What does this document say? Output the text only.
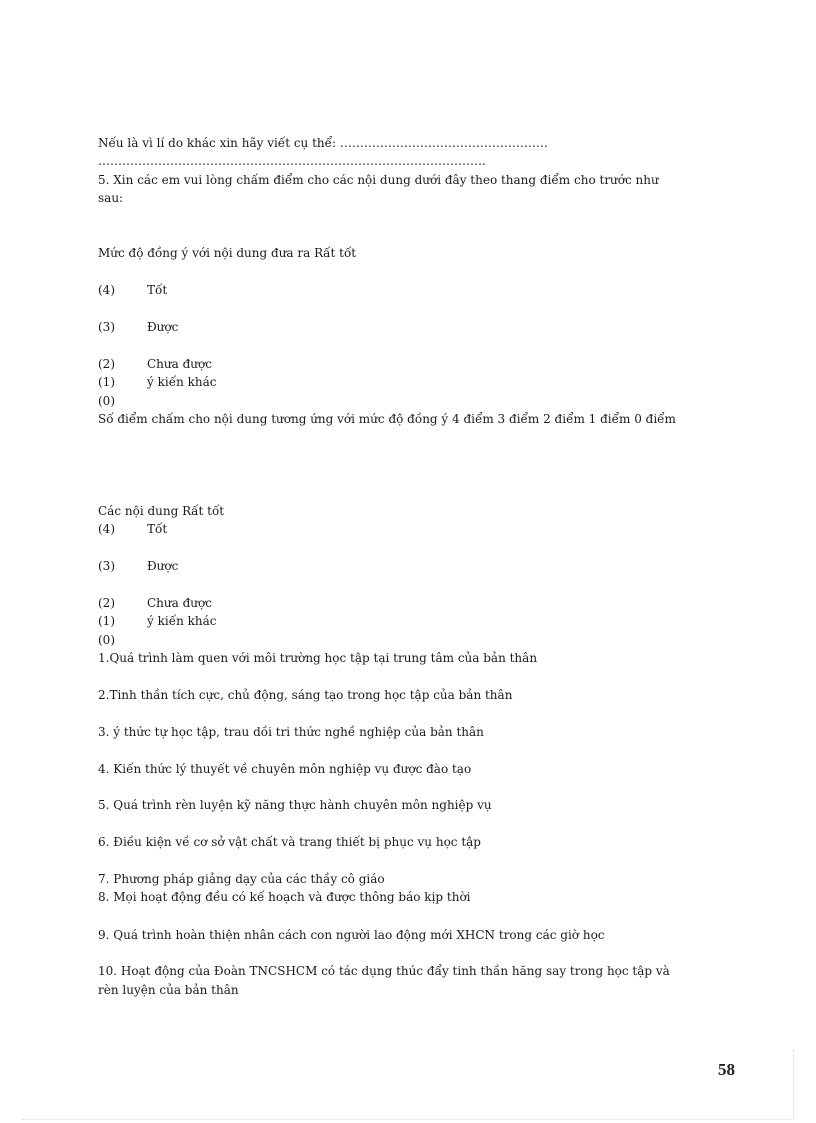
Nếu là vì lí do khác xin hãy viết cụ thể: …………………………………………….
…………………………………………………………………………………….
5. Xin các em vui lòng chấm điểm cho các nội dung dưới đây theo thang điểm cho trước như
sau:
Mức độ đồng ý với nội dung đưa ra Rất tốt
(4)	Tốt
(3)	Được
(2)	Chưa được
(1)	ý kiến khác
(0)
Số điểm chấm cho nội dung tương ứng với mức độ đồng ý 4 điểm 3 điểm 2 điểm 1 điểm 0 điểm
Các nội dung Rất tốt
(4)	Tốt
(3)	Được
(2)	Chưa được
(1)	ý kiến khác
(0)
1.Quá trình làm quen với môi trường học tập tại trung tâm của bản thân
2.Tinh thần tích cực, chủ động, sáng tạo trong học tập của bản thân
3. ý thức tự học tập, trau dồi tri thức nghề nghiệp của bản thân
4. Kiến thức lý thuyết về chuyên môn nghiệp vụ được đào tạo
5. Quá trình rèn luyện kỹ năng thực hành chuyên môn nghiệp vụ
6. Điều kiện về cơ sở vật chất và trang thiết bị phục vụ học tập
7. Phương pháp giảng dạy của các thầy cô giáo
8. Mọi hoạt động đều có kế hoạch và được thông báo kịp thời
9. Quá trình hoàn thiện nhân cách con người lao động mới XHCN trong các giờ học
10. Hoạt động của Đoàn TNCSHCM có tác dụng thúc đẩy tinh thần hăng say trong học tập và
rèn luyện của bản thân
58
